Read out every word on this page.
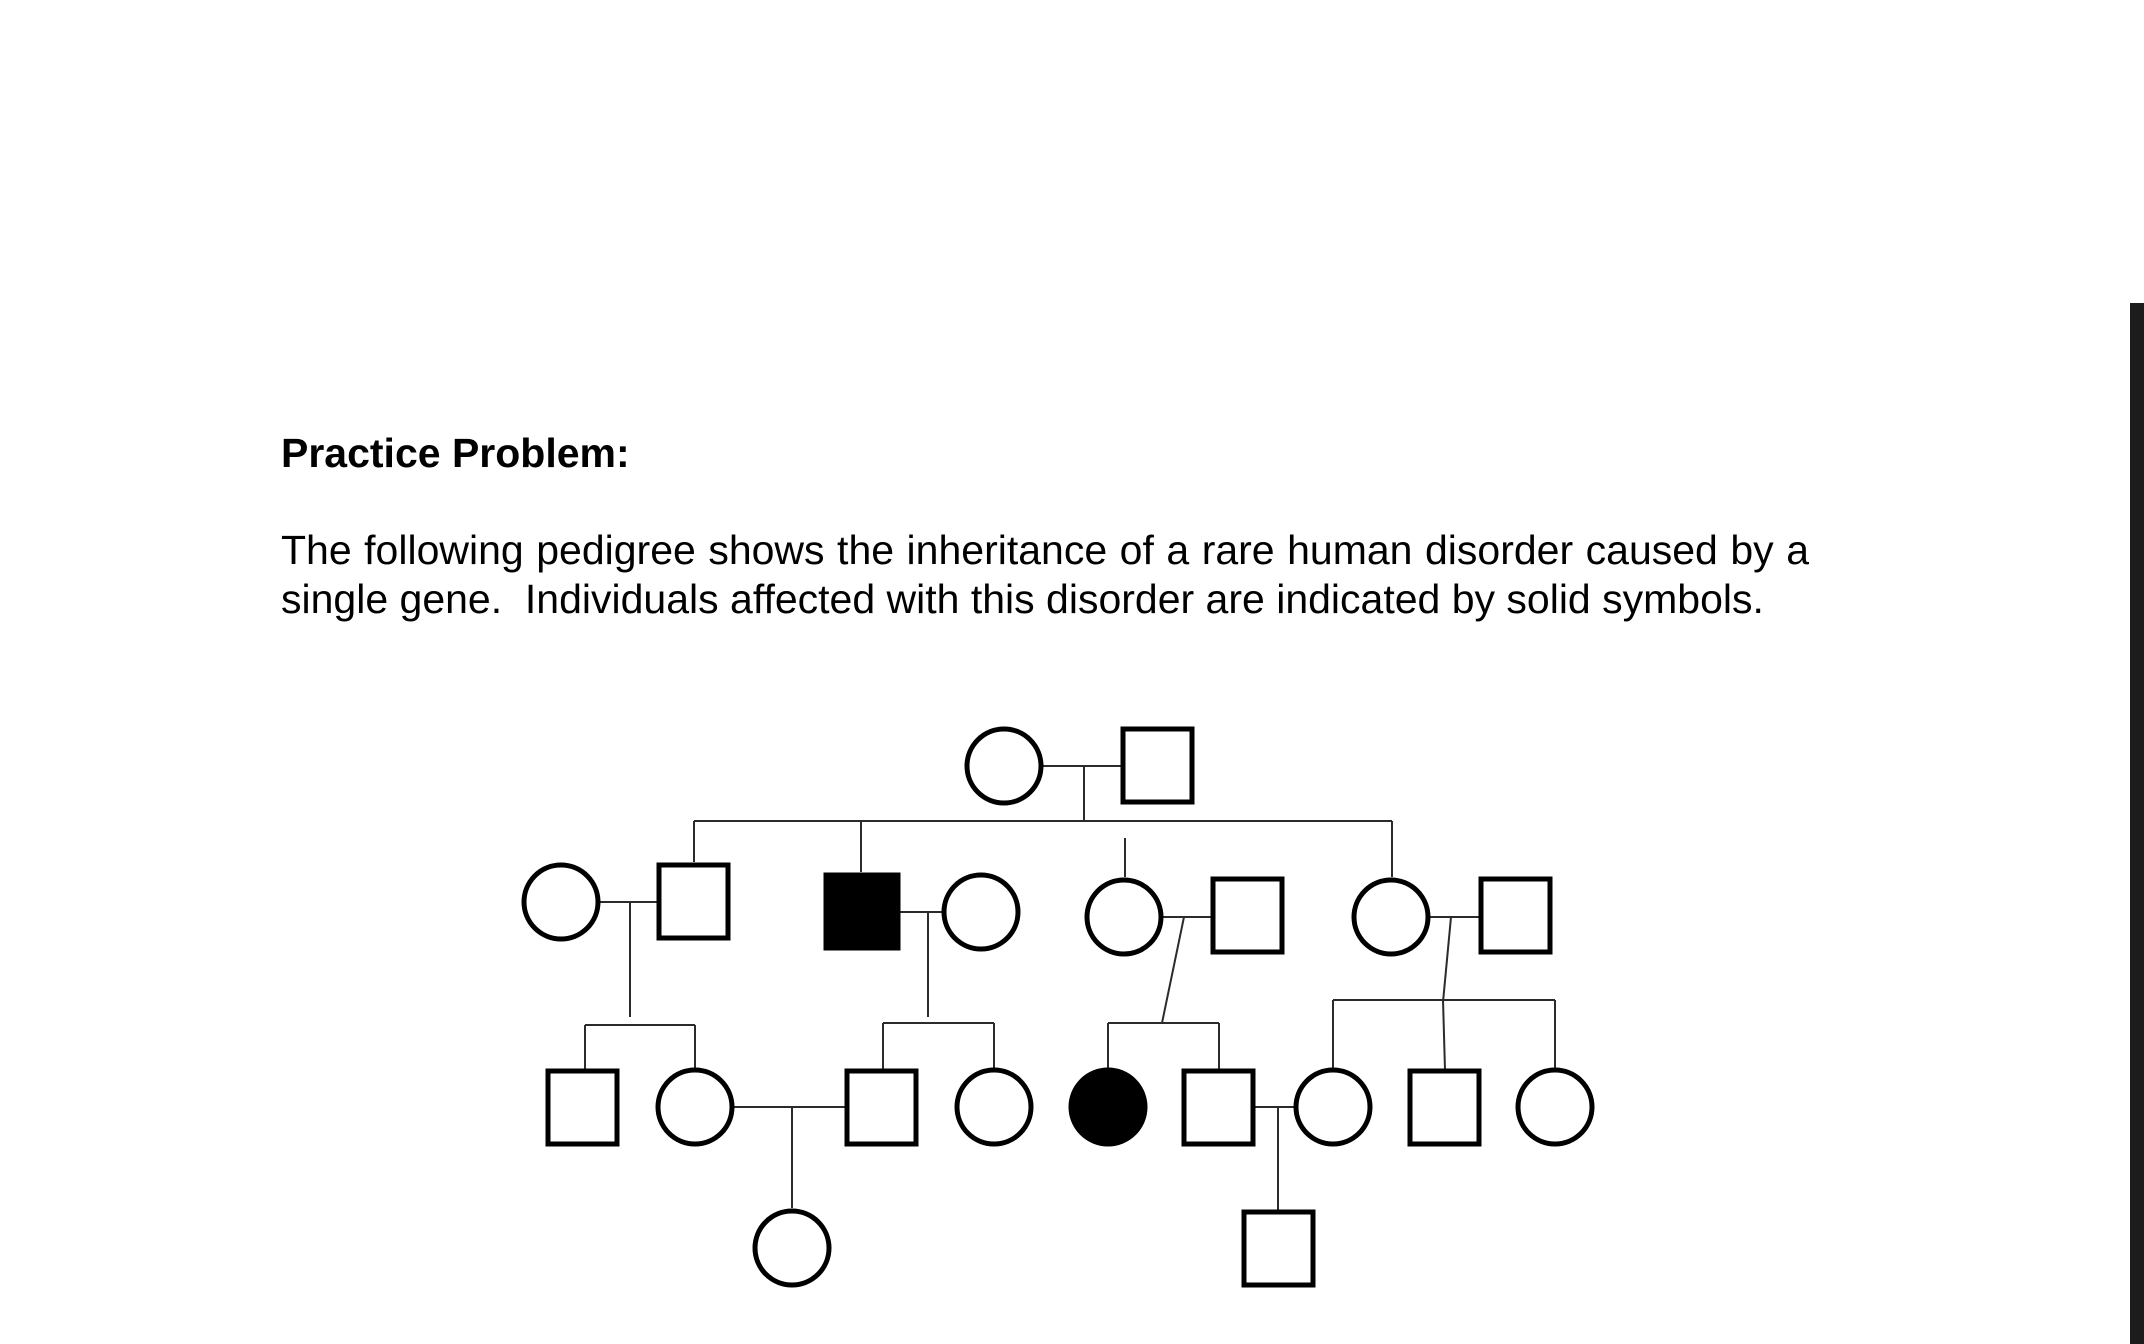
Practice Problem:
The following pedigree shows the inheritance of a rare human disorder caused by a single gene.  Individuals affected with this disorder are indicated by solid symbols.
